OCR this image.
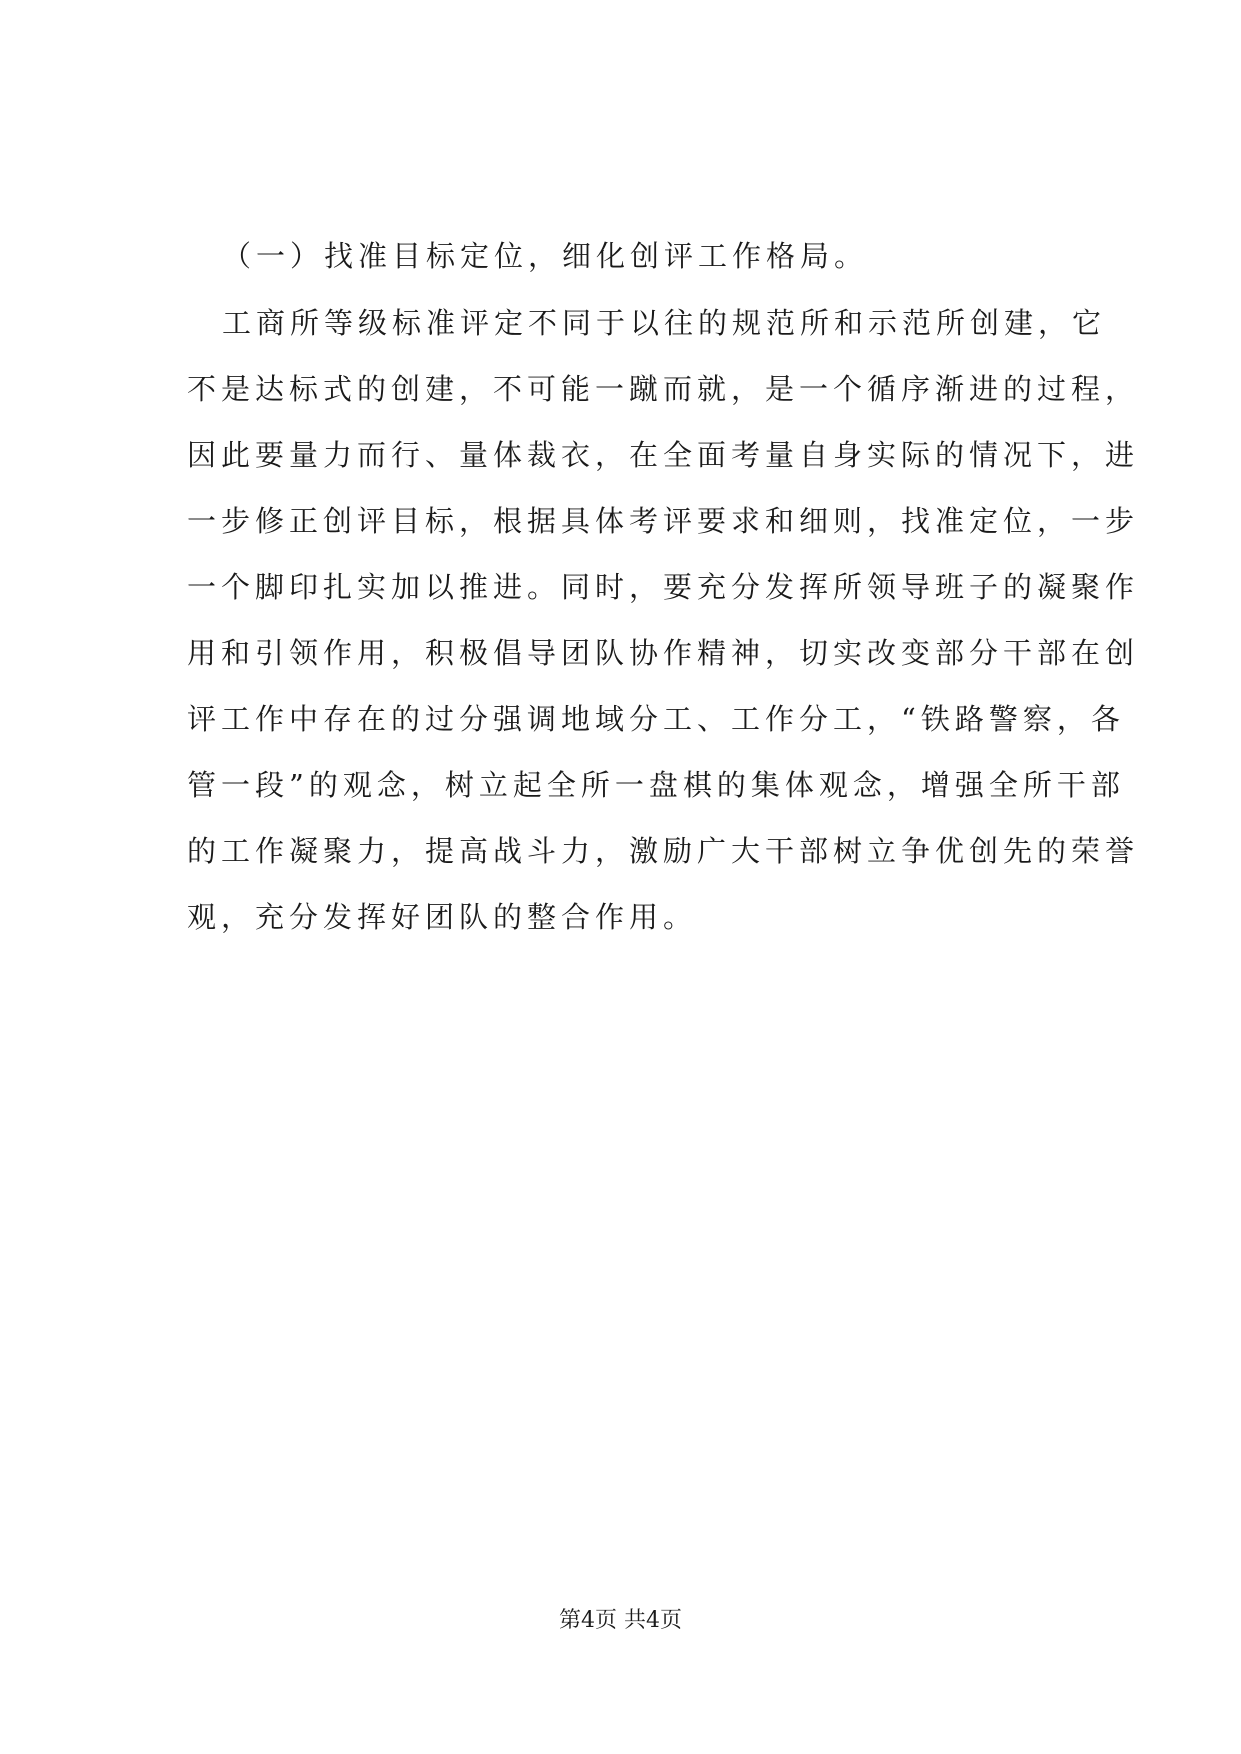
（一）找准目标定位，细化创评工作格局。
工商所等级标准评定不同于以往的规范所和示范所创建，它
不是达标式的创建，不可能一蹴而就，是一个循序渐进的过程，
因此要量力而行、量体裁衣，在全面考量自身实际的情况下，进
一步修正创评目标，根据具体考评要求和细则，找准定位，一步
一个脚印扎实加以推进。同时，要充分发挥所领导班子的凝聚作
用和引领作用，积极倡导团队协作精神，切实改变部分干部在创
评工作中存在的过分强调地域分工、工作分工，“铁路警察，各
管一段”的观念，树立起全所一盘棋的集体观念，增强全所干部
的工作凝聚力，提高战斗力，激励广大干部树立争优创先的荣誉
观，充分发挥好团队的整合作用。
第4页 共4页
